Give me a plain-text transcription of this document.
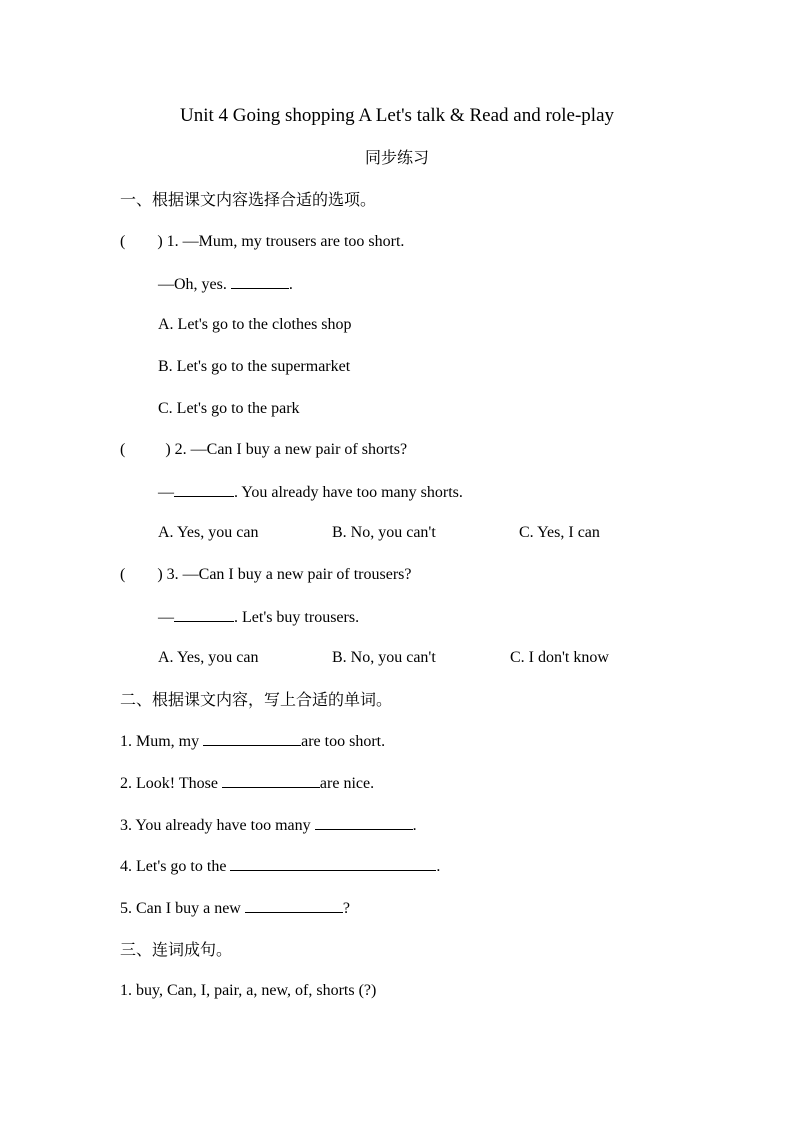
Unit 4 Going shopping A Let's talk & Read and role-play
同步练习
一、根据课文内容选择合适的选项。
(        ) 1. —Mum, my trousers are too short.
—Oh, yes.	.
A. Let's go to the clothes shop
B. Let's go to the supermarket
C. Let's go to the park
(          ) 2. —Can I buy a new pair of shorts?
—	. You already have too many shorts.
A. Yes, you can	B. No, you can't	C. Yes, I can
(        ) 3. —Can I buy a new pair of trousers?
—	. Let's buy trousers.
A. Yes, you can	B. No, you can't	C. I don't know
二、根据课文内容，写上合适的单词。
1. Mum, my	are too short.
2. Look! Those	are nice.
3. You already have too many	.
4. Let's go to the	.
5. Can I buy a new	?
三、连词成句。
1. buy, Can, I, pair, a, new, of, shorts (?)
